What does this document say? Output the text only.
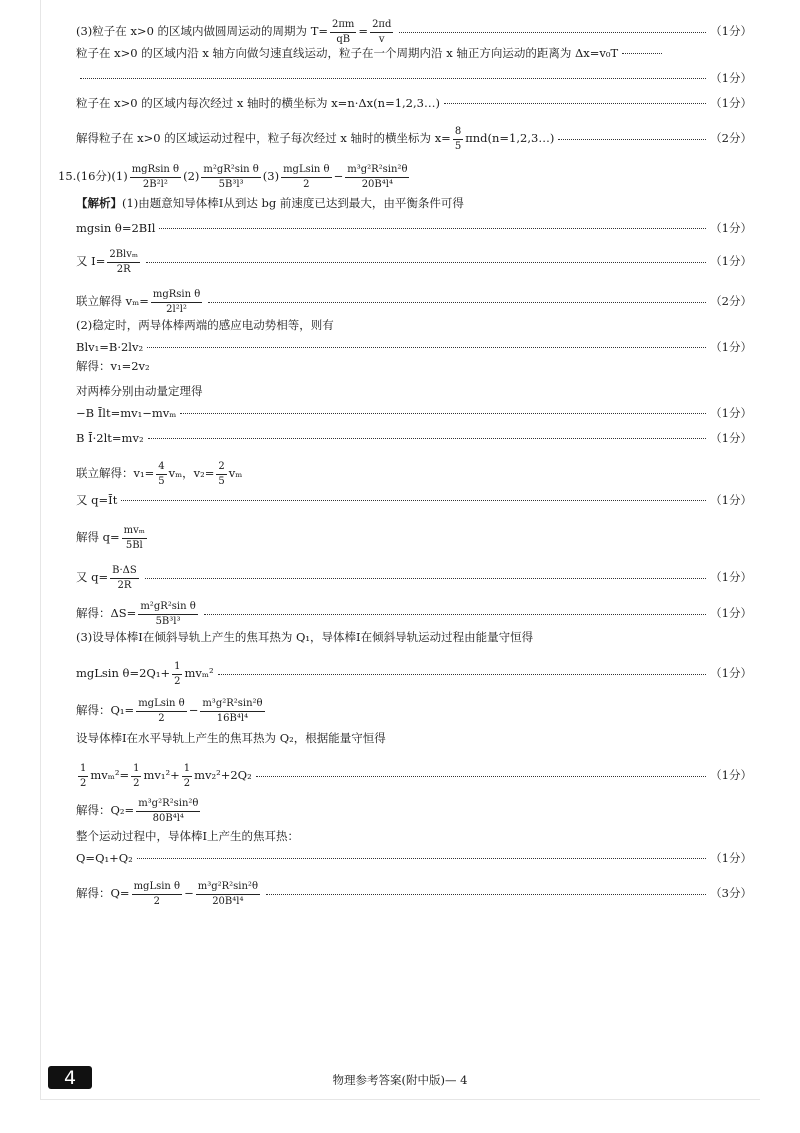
(3)粒子在 x>0 的区域内做圆周运动的周期为 $T= \frac{2\pi m}{qB} = \frac{2\pi d}{v}$	（1分）
粒子在 x>0 的区域内沿 x 轴方向做匀速直线运动，粒子在一个周期内沿 x 轴正方向运动的距离为 Δx=v₀T
（1分）
粒子在 x>0 的区域内每次经过 x 轴时的横坐标为 x=n·Δx(n=1,2,3…)	（1分）
解得粒子在 x>0 的区域运动过程中，粒子每次经过 x 轴时的横坐标为 $x= \frac{8}{5}$ πnd(n=1,2,3…)	（2分）
15.(16分)$(1) \frac{\text{mgRsin θ}}{\text{2B²l²}} (2) \frac{\text{m²gR²sin θ}}{\text{5B³l³}} (3) \frac{\text{mgLsin θ}}{2} - \frac{\text{m³g²R²sin²θ}}{\text{20B⁴l⁴}}$
【解析】 (1)由题意知导体棒Ⅰ从到达 bg 前速度已达到最大，由平衡条件可得
mgsin θ=2BIl	（1分）
又 $I= \frac{\text{2Blvₘ}}{2R}$	（1分）
联立解得 $v_m= \frac{\text{mgRsin θ}}{\text{2l²l²}}$	（2分）
(2)稳定时，两导体棒两端的感应电动势相等，则有
Blv₁=B·2lv₂	（1分）
解得：v₁=2v₂
对两棒分别由动量定理得
−B Īlt=mv₁−mvₘ	（1分）
B Ī·2lt=mv₂	（1分）
联立解得：$v_1= \frac{4}{5}$ vₘ，$v_2= \frac{2}{5}$ vₘ
又 q=Īt	（1分）
解得 $q= \frac{\text{mvₘ}}{5Bl}$
又 $q= \frac{B\cdot\Delta S}{2R}$	（1分）
解得：$\Delta S= \frac{\text{m²gR²sin θ}}{\text{5B³l³}}$	（1分）
(3)设导体棒Ⅰ在倾斜导轨上产生的焦耳热为 Q₁，导体棒Ⅰ在倾斜导轨运动过程由能量守恒得
mgLsin $\theta=2Q_1+ \frac{1}{2} mv_m^2$	（1分）
解得：$Q_1= \frac{\text{mgLsin θ}}{2} - \frac{\text{m³g²R²sin²θ}}{\text{16B⁴l⁴}}$
设导体棒Ⅰ在水平导轨上产生的焦耳热为 Q₂，根据能量守恒得
$\frac{1}{2} mv_m^2= \frac{1}{2} mv_1^2+ \frac{1}{2} mv_2^2+2Q_2$	（1分）
解得：$Q_2= \frac{\text{m³g²R²sin²θ}}{\text{80B⁴l⁴}}$
整个运动过程中，导体棒Ⅰ上产生的焦耳热：
Q=Q₁+Q₂	（1分）
解得：$Q= \frac{\text{mgLsin θ}}{2} - \frac{\text{m³g²R²sin²θ}}{\text{20B⁴l⁴}}$	（3分）
4	物理参考答案(附中版)— 4
